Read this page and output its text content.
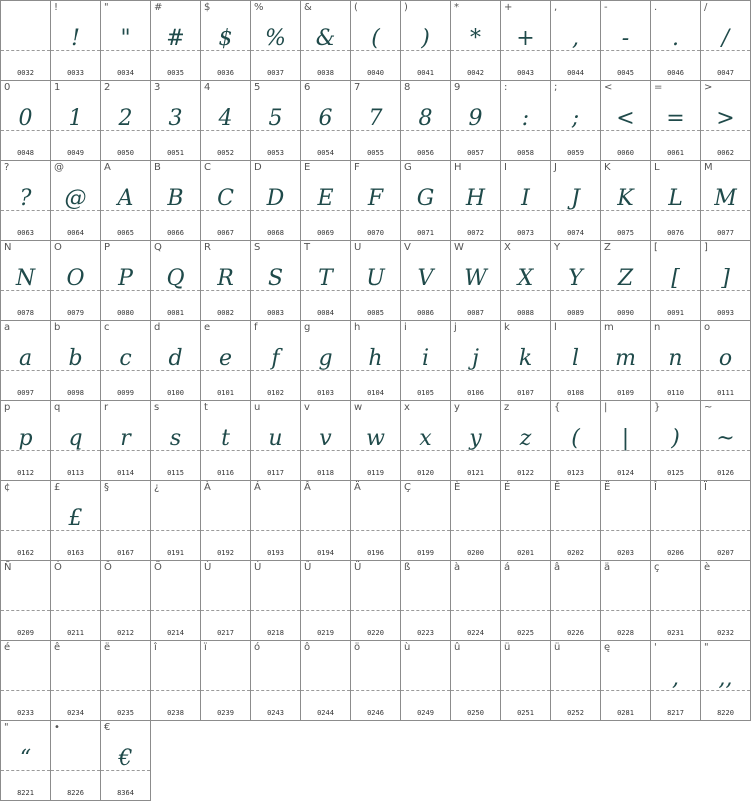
0032
!
!
0033
"
"
0034
#
#
0035
$
$
0036
%
%
0037
&
&
0038
(
(
0040
)
)
0041
*
*
0042
+
+
0043
,
,
0044
-
-
0045
.
.
0046
/
/
0047
0
0
0048
1
1
0049
2
2
0050
3
3
0051
4
4
0052
5
5
0053
6
6
0054
7
7
0055
8
8
0056
9
9
0057
:
:
0058
;
;
0059
<
<
0060
=
=
0061
>
>
0062
?
?
0063
@
@
0064
A
A
0065
B
B
0066
C
C
0067
D
D
0068
E
E
0069
F
F
0070
G
G
0071
H
H
0072
I
I
0073
J
J
0074
K
K
0075
L
L
0076
M
M
0077
N
N
0078
O
O
0079
P
P
0080
Q
Q
0081
R
R
0082
S
S
0083
T
T
0084
U
U
0085
V
V
0086
W
W
0087
X
X
0088
Y
Y
0089
Z
Z
0090
[
[
0091
]
]
0093
a
a
0097
b
b
0098
c
c
0099
d
d
0100
e
e
0101
f
f
0102
g
g
0103
h
h
0104
i
i
0105
j
j
0106
k
k
0107
l
l
0108
m
m
0109
n
n
0110
o
o
0111
p
p
0112
q
q
0113
r
r
0114
s
s
0115
t
t
0116
u
u
0117
v
v
0118
w
w
0119
x
x
0120
y
y
0121
z
z
0122
{
(
0123
|
|
0124
}
)
0125
~
~
0126
¢
0162
£
£
0163
§
0167
¿
0191
À
0192
Á
0193
Â
0194
Ä
0196
Ç
0199
È
0200
É
0201
Ê
0202
Ë
0203
Î
0206
Ï
0207
Ñ
0209
Ó
0211
Ô
0212
Ö
0214
Ù
0217
Ú
0218
Û
0219
Ü
0220
ß
0223
à
0224
á
0225
â
0226
ä
0228
ç
0231
è
0232
é
0233
ê
0234
ë
0235
î
0238
ï
0239
ó
0243
ô
0244
ö
0246
ù
0249
û
0250
ü
0251
ü
0252
ę
0281
'
,
8217
"
,,
8220
"
“
8221
•
8226
€
€
8364
